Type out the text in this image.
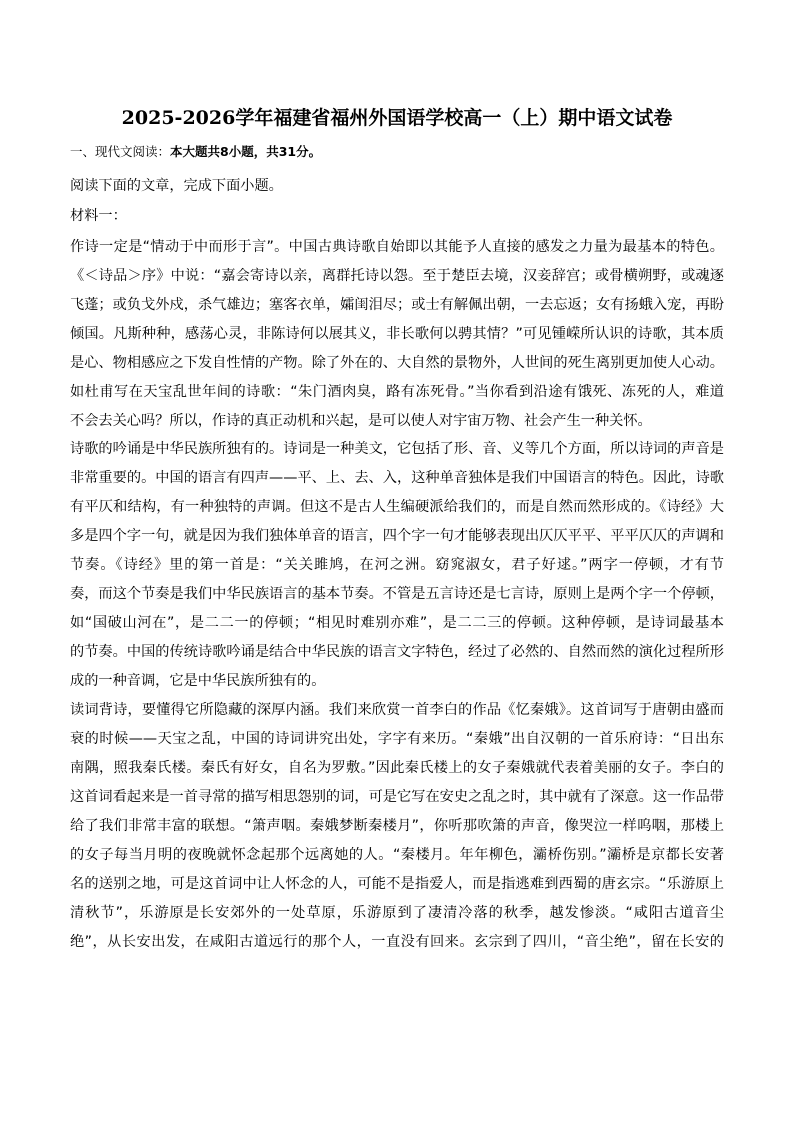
2025-2026学年福建省福州外国语学校高一（上）期中语文试卷
一、现代文阅读：本大题共8小题，共31分。
阅读下面的文章，完成下面小题。
材料一：
作诗一定是“情动于中而形于言”。中国古典诗歌自始即以其能予人直接的感发之力量为最基本的特色。
《＜诗品＞序》中说：“嘉会寄诗以亲，离群托诗以怨。至于楚臣去境，汉妾辞宫；或骨横朔野，或魂逐
飞蓬；或负戈外戍，杀气雄边；塞客衣单，孀闺泪尽；或士有解佩出朝，一去忘返；女有扬蛾入宠，再盼
倾国。凡斯种种，感荡心灵，非陈诗何以展其义，非长歌何以骋其情？”可见锺嵘所认识的诗歌，其本质
是心、物相感应之下发自性情的产物。除了外在的、大自然的景物外，人世间的死生离别更加使人心动。
如杜甫写在天宝乱世年间的诗歌：“朱门酒肉臭，路有冻死骨。”当你看到沿途有饿死、冻死的人，难道
不会去关心吗？所以，作诗的真正动机和兴起，是可以使人对宇宙万物、社会产生一种关怀。
诗歌的吟诵是中华民族所独有的。诗词是一种美文，它包括了形、音、义等几个方面，所以诗词的声音是
非常重要的。中国的语言有四声——平、上、去、入，这种单音独体是我们中国语言的特色。因此，诗歌
有平仄和结构，有一种独特的声调。但这不是古人生编硬派给我们的，而是自然而然形成的。《诗经》大
多是四个字一句，就是因为我们独体单音的语言，四个字一句才能够表现出仄仄平平、平平仄仄的声调和
节奏。《诗经》里的第一首是：“关关雎鸠，在河之洲。窈窕淑女，君子好逑。”两字一停顿，才有节
奏，而这个节奏是我们中华民族语言的基本节奏。不管是五言诗还是七言诗，原则上是两个字一个停顿，
如“国破山河在”，是二二一的停顿；“相见时难别亦难”，是二二三的停顿。这种停顿，是诗词最基本
的节奏。中国的传统诗歌吟诵是结合中华民族的语言文字特色，经过了必然的、自然而然的演化过程所形
成的一种音调，它是中华民族所独有的。
读词背诗，要懂得它所隐藏的深厚内涵。我们来欣赏一首李白的作品《忆秦娥》。这首词写于唐朝由盛而
衰的时候——天宝之乱，中国的诗词讲究出处，字字有来历。“秦娥”出自汉朝的一首乐府诗：“日出东
南隅，照我秦氏楼。秦氏有好女，自名为罗敷。”因此秦氏楼上的女子秦娥就代表着美丽的女子。李白的
这首词看起来是一首寻常的描写相思怨别的词，可是它写在安史之乱之时，其中就有了深意。这一作品带
给了我们非常丰富的联想。“箫声咽。秦娥梦断秦楼月”，你听那吹箫的声音，像哭泣一样呜咽，那楼上
的女子每当月明的夜晚就怀念起那个远离她的人。“秦楼月。年年柳色，灞桥伤别。”灞桥是京都长安著
名的送别之地，可是这首词中让人怀念的人，可能不是指爱人，而是指逃难到西蜀的唐玄宗。“乐游原上
清秋节”，乐游原是长安郊外的一处草原，乐游原到了凄清冷落的秋季，越发惨淡。“咸阳古道音尘
绝”，从长安出发，在咸阳古道远行的那个人，一直没有回来。玄宗到了四川，“音尘绝”，留在长安的
